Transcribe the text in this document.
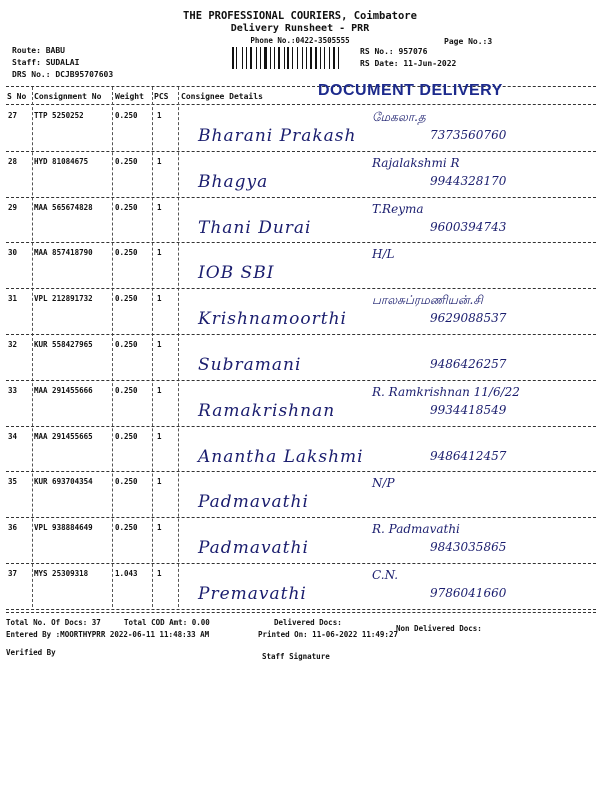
THE PROFESSIONAL COURIERS, Coimbatore
Delivery Runsheet - PRR
Phone No.:0422-3505555	Page No.:3
Route: BABU
Staff: SUDALAI
DRS No.: DCJB95707603
RS No.: 957076
RS Date: 11-Jun-2022
S No Consignment No Weight PCS Consignee Details	DOCUMENT DELIVERY
27 TTP 5250252	0.250	1
Bharani Prakash
மேகலா.த
7373560760
28 HYD 81084675	0.250	1
Bhagya
Rajalakshmi R
9944328170
29 MAA 565674828	0.250	1
Thani Durai
T.Reyma
9600394743
30 MAA 857418790	0.250	1
IOB SBI
H/L
31 VPL 212891732	0.250	1
Krishnamoorthi
பாலசுப்ரமணியன்.சி
9629088537
32 KUR 558427965	0.250	1
Subramani	9486426257
33 MAA 291455666	0.250	1
Ramakrishnan
R. Ramkrishnan 11/6/22
9934418549
34 MAA 291455665	0.250	1
Anantha Lakshmi	9486412457
35 KUR 693704354	0.250	1
Padmavathi
N/P
36 VPL 938884649	0.250	1
Padmavathi
R. Padmavathi
9843035865
37 MYS 25309318	1.043	1
Premavathi
C.N.
9786041660
Total No. Of Docs: 37	Total COD Amt: 0.00	Delivered Docs:
Non Delivered Docs:
Entered By :MOORTHYPRR 2022-06-11 11:48:33 AM	Printed On: 11-06-2022 11:49:27
Verified By	Staff Signature
